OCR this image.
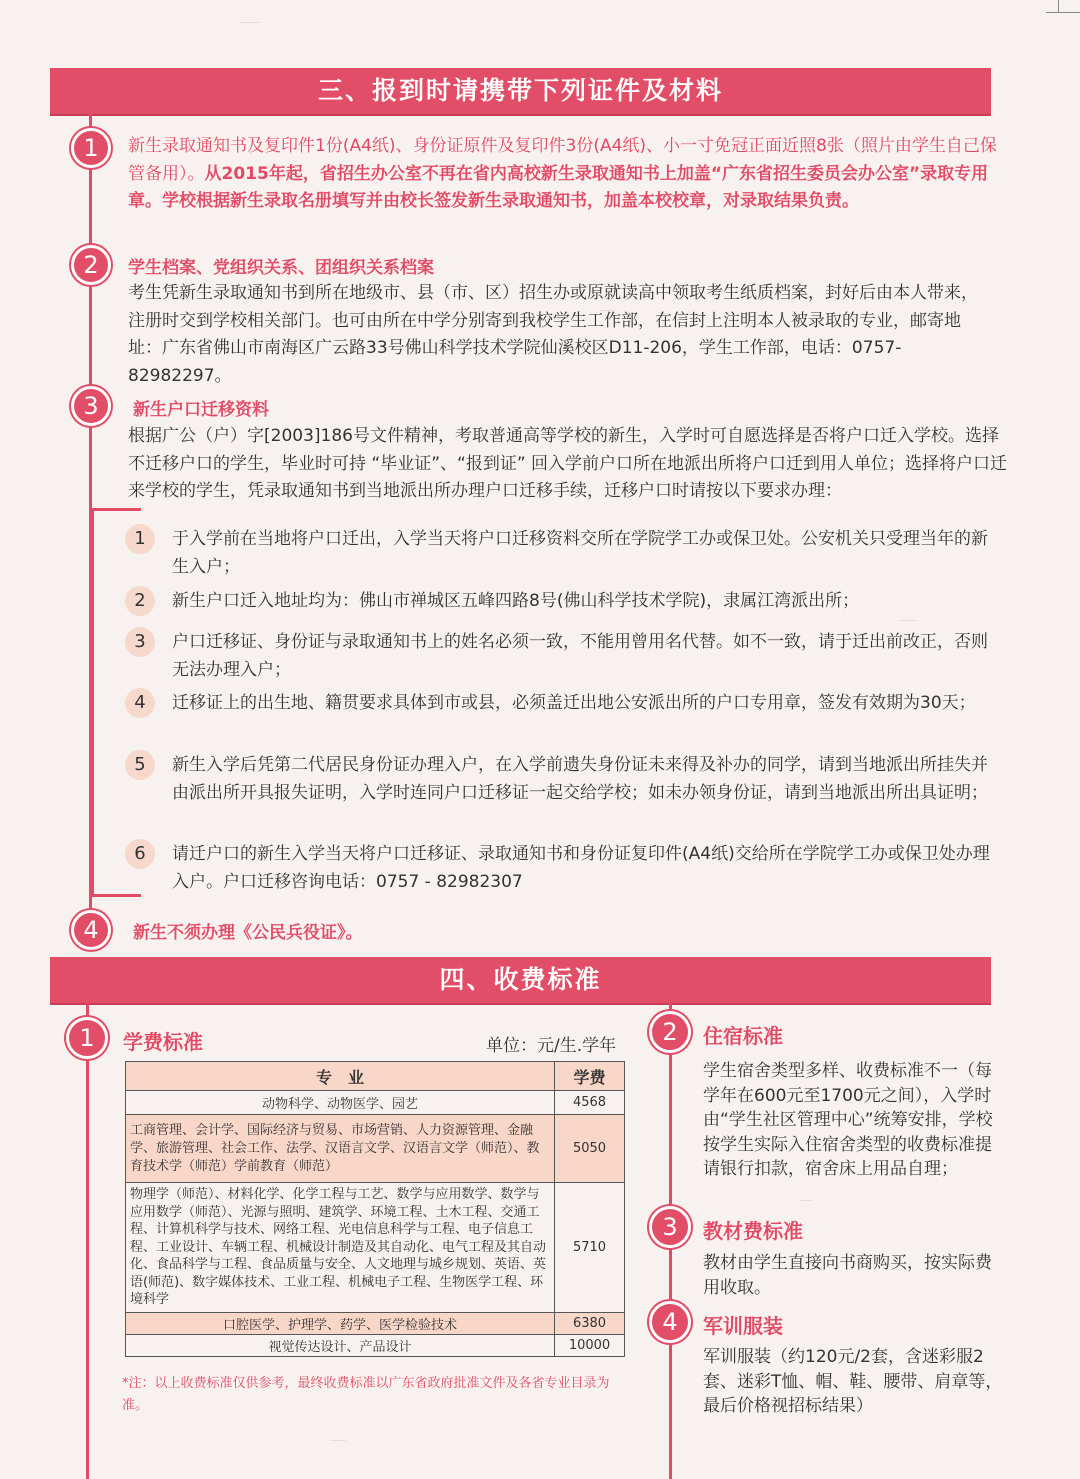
三、报到时请携带下列证件及材料
1	新生录取通知书及复印件1份(A4纸)、身份证原件及复印件3份(A4纸)、小一寸免冠正面近照8张（照片由学生自己保管备用）。从2015年起，省招生办公室不再在省内高校新生录取通知书上加盖“广东省招生委员会办公室”录取专用章。学校根据新生录取名册填写并由校长签发新生录取通知书，加盖本校校章，对录取结果负责。
2	学生档案、党组织关系、团组织关系档案
考生凭新生录取通知书到所在地级市、县（市、区）招生办或原就读高中领取考生纸质档案，封好后由本人带来，注册时交到学校相关部门。也可由所在中学分别寄到我校学生工作部，在信封上注明本人被录取的专业，邮寄地址：广东省佛山市南海区广云路33号佛山科学技术学院仙溪校区D11-206，学生工作部，电话：0757-82982297。
3	新生户口迁移资料
根据广公（户）字[2003]186号文件精神，考取普通高等学校的新生，入学时可自愿选择是否将户口迁入学校。选择不迁移户口的学生，毕业时可持 “毕业证”、“报到证” 回入学前户口所在地派出所将户口迁到用人单位；选择将户口迁来学校的学生，凭录取通知书到当地派出所办理户口迁移手续，迁移户口时请按以下要求办理：
1	于入学前在当地将户口迁出，入学当天将户口迁移资料交所在学院学工办或保卫处。公安机关只受理当年的新生入户；
2	新生户口迁入地址均为：佛山市禅城区五峰四路8号(佛山科学技术学院)，隶属江湾派出所；
3	户口迁移证、身份证与录取通知书上的姓名必须一致，不能用曾用名代替。如不一致，请于迁出前改正，否则无法办理入户；
4	迁移证上的出生地、籍贯要求具体到市或县，必须盖迁出地公安派出所的户口专用章，签发有效期为30天；
5	新生入学后凭第二代居民身份证办理入户，在入学前遗失身份证未来得及补办的同学，请到当地派出所挂失并由派出所开具报失证明，入学时连同户口迁移证一起交给学校；如未办领身份证，请到当地派出所出具证明；
6	请迁户口的新生入学当天将户口迁移证、录取通知书和身份证复印件(A4纸)交给所在学院学工办或保卫处办理入户。户口迁移咨询电话：0757 - 82982307
4	新生不须办理《公民兵役证》。
四、收费标准
1	学费标准	单位：元/生.学年
专　业	学费
动物科学、动物医学、园艺	4568
工商管理、会计学、国际经济与贸易、市场营销、人力资源管理、金融学、旅游管理、社会工作、法学、汉语言文学、汉语言文学（师范）、教育技术学（师范）学前教育（师范）	5050
物理学（师范）、材料化学、化学工程与工艺、数学与应用数学、数学与应用数学（师范）、光源与照明、建筑学、环境工程、土木工程、交通工程、计算机科学与技术、网络工程、光电信息科学与工程、电子信息工程、工业设计、车辆工程、机械设计制造及其自动化、电气工程及其自动化、食品科学与工程、食品质量与安全、人文地理与城乡规划、英语、英语(师范)、数字媒体技术、工业工程、机械电子工程、生物医学工程、环境科学	5710
口腔医学、护理学、药学、医学检验技术	6380
视觉传达设计、产品设计	10000
*注：以上收费标准仅供参考，最终收费标准以广东省政府批准文件及各省专业目录为准。
2	住宿标准
学生宿舍类型多样、收费标准不一（每学年在600元至1700元之间），入学时由“学生社区管理中心”统筹安排，学校按学生实际入住宿舍类型的收费标准提请银行扣款，宿舍床上用品自理；
3	教材费标准
教材由学生直接向书商购买，按实际费用收取。
4	军训服装
军训服装（约120元/2套，含迷彩服2套、迷彩T恤、帽、鞋、腰带、肩章等，最后价格视招标结果）
